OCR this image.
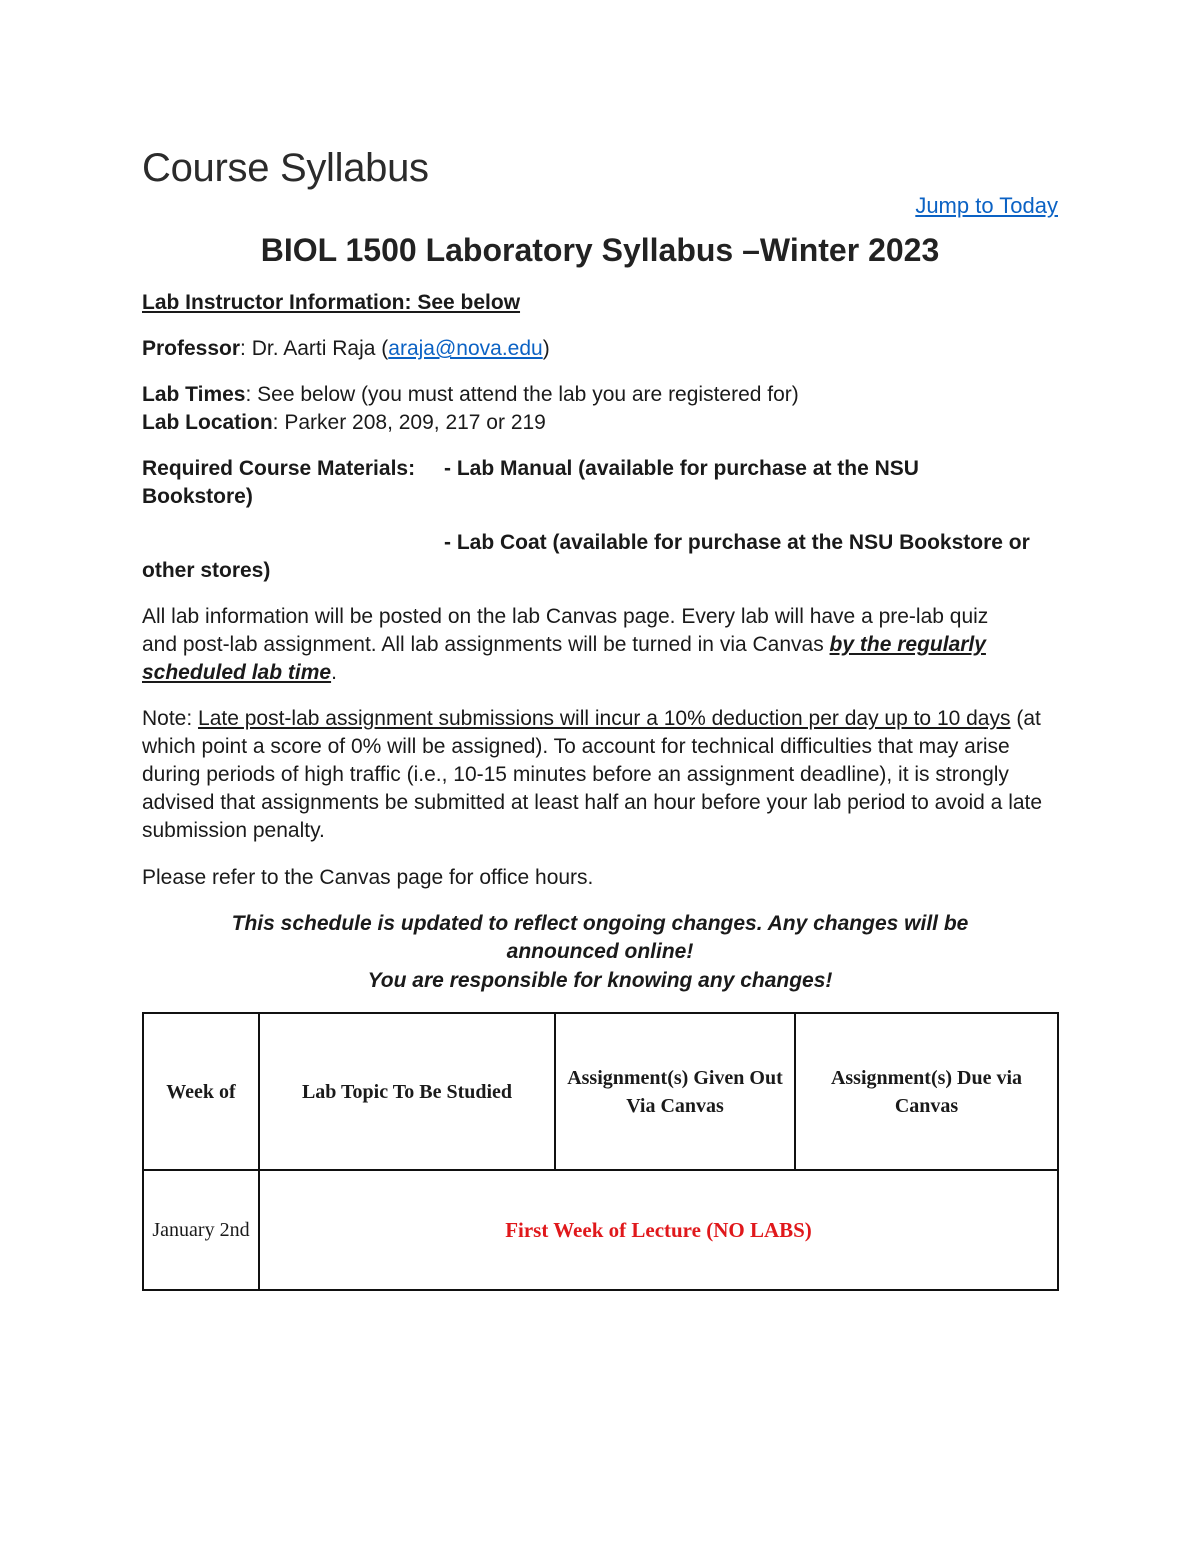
Course Syllabus
Jump to Today
BIOL 1500 Laboratory Syllabus –Winter 2023

Lab Instructor Information: See below

Professor: Dr. Aarti Raja (araja@nova.edu)

Lab Times: See below (you must attend the lab you are registered for)

Lab Location: Parker 208, 209, 217 or 219

Required Course Materials: - Lab Manual (available for purchase at the NSU

Bookstore)

- Lab Coat (available for purchase at the NSU Bookstore or

other stores)

All lab information will be posted on the lab Canvas page. Every lab will have a pre-lab quiz and post-lab assignment. All lab assignments will be turned in via Canvas by the regularly scheduled lab time.

Note: Late post-lab assignment submissions will incur a 10% deduction per day up to 10 days (at which point a score of 0% will be assigned). To account for technical difficulties that may arise during periods of high traffic (i.e., 10-15 minutes before an assignment deadline), it is strongly advised that assignments be submitted at least half an hour before your lab period to avoid a late submission penalty.

Please refer to the Canvas page for office hours.

This schedule is updated to reflect ongoing changes. Any changes will be announced online!

You are responsible for knowing any changes!

Week of	Lab Topic To Be Studied	Assignment(s) Given Out Via Canvas	Assignment(s) Due via Canvas
January 2nd	First Week of Lecture (NO LABS)		
